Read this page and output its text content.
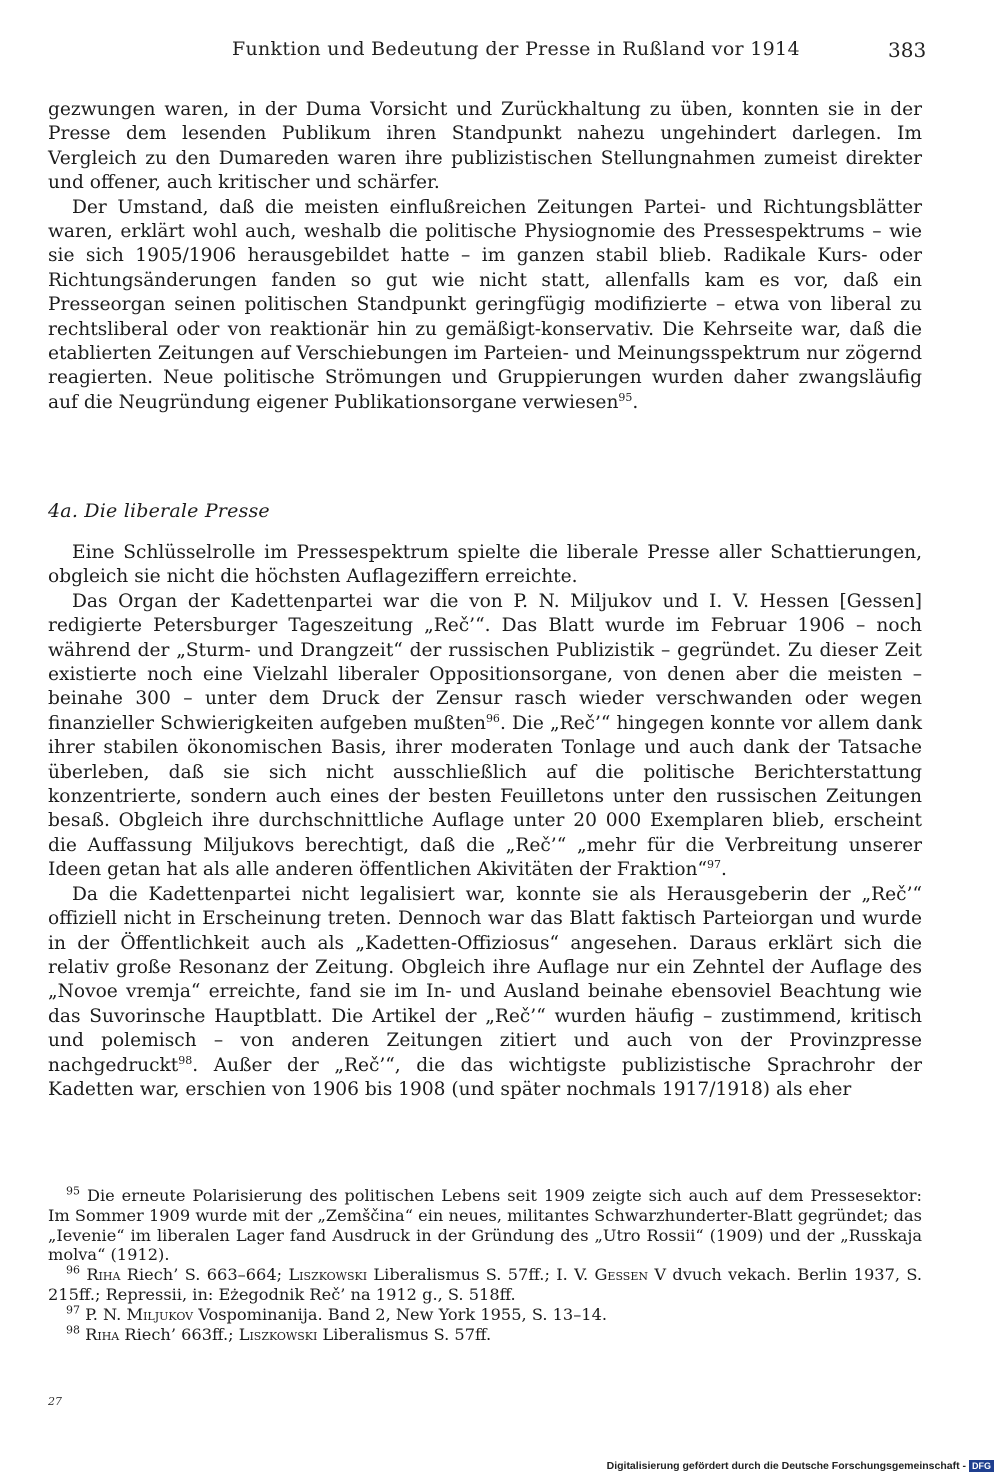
Funktion und Bedeutung der Presse in Rußland vor 1914	383

gezwungen waren, in der Duma Vorsicht und Zurückhaltung zu üben, konnten sie in der Presse dem lesenden Publikum ihren Standpunkt nahezu ungehindert darlegen. Im Vergleich zu den Dumareden waren ihre publizistischen Stellungnahmen zumeist direkter und offener, auch kritischer und schärfer.

Der Umstand, daß die meisten einflußreichen Zeitungen Partei- und Richtungsblätter waren, erklärt wohl auch, weshalb die politische Physiognomie des Pressespektrums – wie sie sich 1905/1906 herausgebildet hatte – im ganzen stabil blieb. Radikale Kurs- oder Richtungsänderungen fanden so gut wie nicht statt, allenfalls kam es vor, daß ein Presseorgan seinen politischen Standpunkt geringfügig modifizierte – etwa von liberal zu rechtsliberal oder von reaktionär hin zu gemäßigt-konservativ. Die Kehrseite war, daß die etablierten Zeitungen auf Verschiebungen im Parteien- und Meinungsspektrum nur zögernd reagierten. Neue politische Strömungen und Gruppierungen wurden daher zwangsläufig auf die Neugründung eigener Publikationsorgane verwiesen$^{95}$.

4a. Die liberale Presse

Eine Schlüsselrolle im Pressespektrum spielte die liberale Presse aller Schattierungen, obgleich sie nicht die höchsten Auflageziffern erreichte.

Das Organ der Kadettenpartei war die von P. N. Miljukov und I. V. Hessen [Gessen] redigierte Petersburger Tageszeitung „Reč’“. Das Blatt wurde im Februar 1906 – noch während der „Sturm- und Drangzeit“ der russischen Publizistik – gegründet. Zu dieser Zeit existierte noch eine Vielzahl liberaler Oppositionsorgane, von denen aber die meisten – beinahe 300 – unter dem Druck der Zensur rasch wieder verschwanden oder wegen finanzieller Schwierigkeiten aufgeben mußten$^{96}$. Die „Reč’“ hingegen konnte vor allem dank ihrer stabilen ökonomischen Basis, ihrer moderaten Tonlage und auch dank der Tatsache überleben, daß sie sich nicht ausschließlich auf die politische Berichterstattung konzentrierte, sondern auch eines der besten Feuilletons unter den russischen Zeitungen besaß. Obgleich ihre durchschnittliche Auflage unter 20 000 Exemplaren blieb, erscheint die Auffassung Miljukovs berechtigt, daß die „Reč’“ „mehr für die Verbreitung unserer Ideen getan hat als alle anderen öffentlichen Akivitäten der Fraktion“$^{97}$.

Da die Kadettenpartei nicht legalisiert war, konnte sie als Herausgeberin der „Reč’“ offiziell nicht in Erscheinung treten. Dennoch war das Blatt faktisch Parteiorgan und wurde in der Öffentlichkeit auch als „Kadetten-Offiziosus“ angesehen. Daraus erklärt sich die relativ große Resonanz der Zeitung. Obgleich ihre Auflage nur ein Zehntel der Auflage des „Novoe vremja“ erreichte, fand sie im In- und Ausland beinahe ebensoviel Beachtung wie das Suvorinsche Hauptblatt. Die Artikel der „Reč’“ wurden häufig – zustimmend, kritisch und polemisch – von anderen Zeitungen zitiert und auch von der Provinzpresse nachgedruckt$^{98}$. Außer der „Reč’“, die das wichtigste publizistische Sprachrohr der Kadetten war, erschien von 1906 bis 1908 (und später nochmals 1917/1918) als eher

$^{95}$ Die erneute Polarisierung des politischen Lebens seit 1909 zeigte sich auch auf dem Pressesektor: Im Sommer 1909 wurde mit der „Zemščina“ ein neues, militantes Schwarzhunderter-Blatt gegründet; das „Ievenie“ im liberalen Lager fand Ausdruck in der Gründung des „Utro Rossii“ (1909) und der „Russkaja molva“ (1912).

$^{96}$ Riha Riech’ S. 663–664; Liszkowski Liberalismus S. 57ff.; I. V. Gessen V dvuch vekach. Berlin 1937, S. 215ff.; Repressii, in: Eżegodnik Reč’ na 1912 g., S. 518ff.

$^{97}$ P. N. Miljukov Vospominanija. Band 2, New York 1955, S. 13–14.

$^{98}$ Riha Riech’ 663ff.; Liszkowski Liberalismus S. 57ff.

27
Digitalisierung gefördert durch die Deutsche Forschungsgemeinschaft - DFG
